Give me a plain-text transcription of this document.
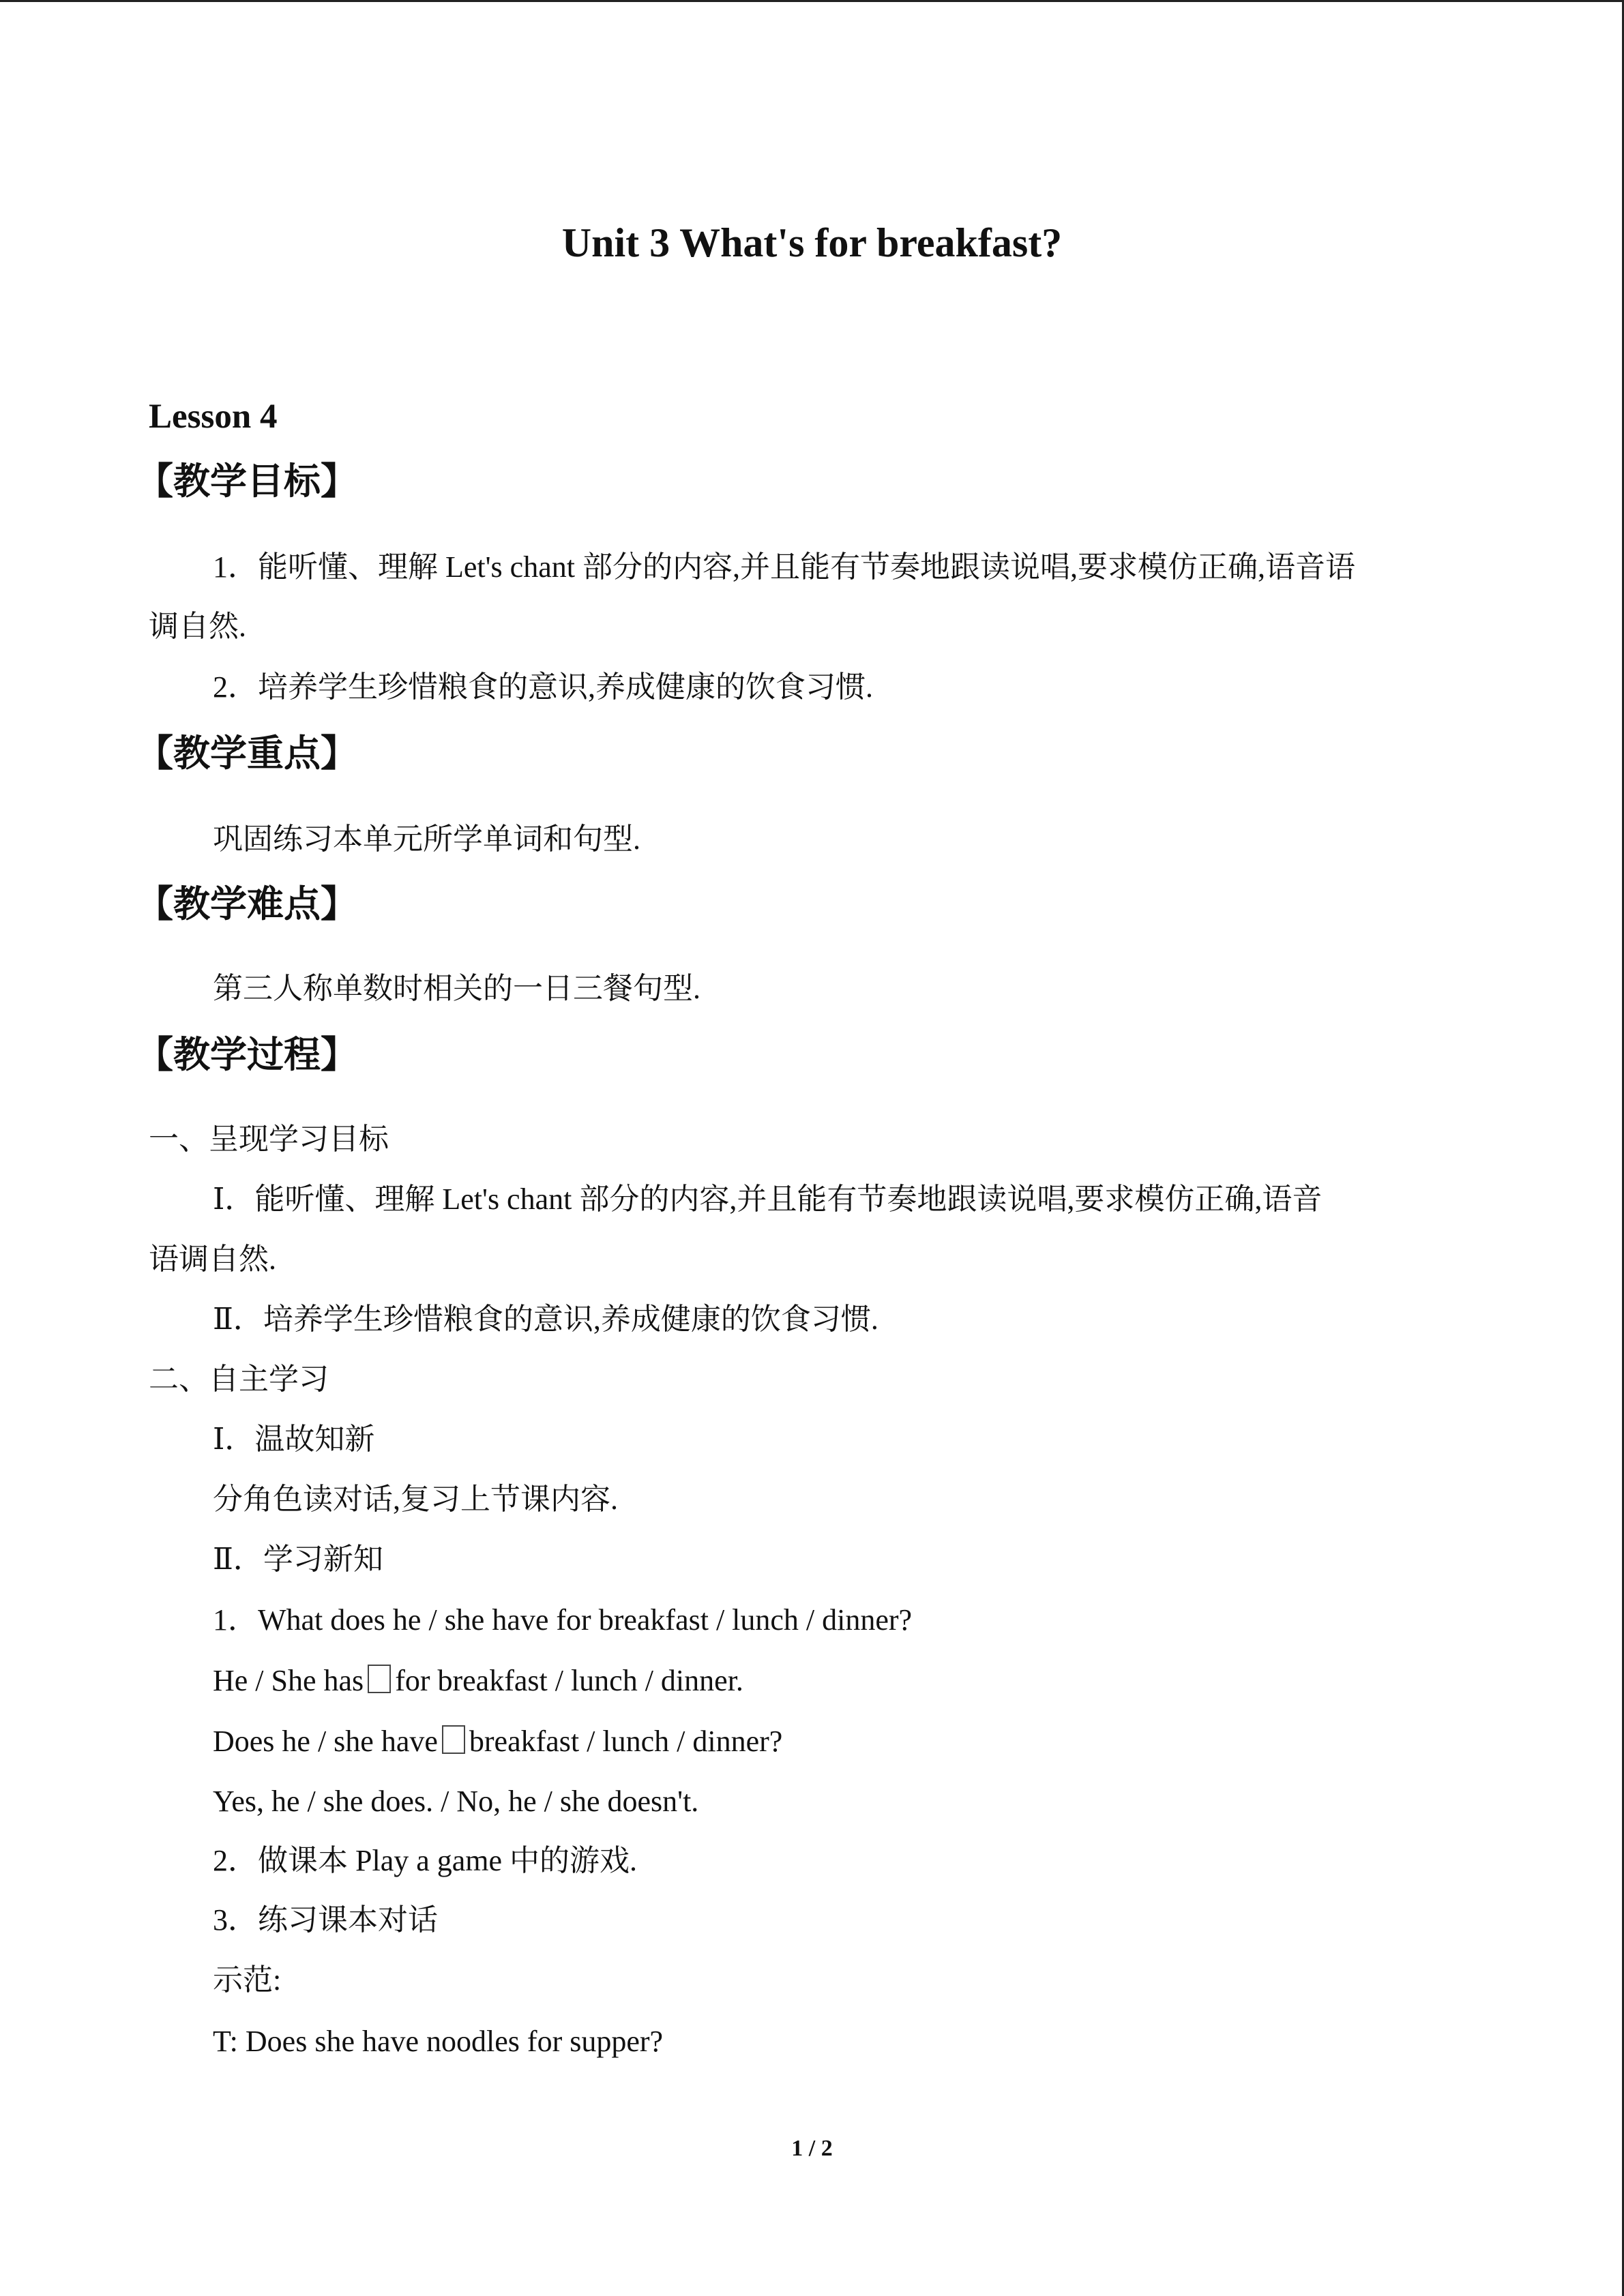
Unit 3 What's for breakfast?

Lesson 4

【教学目标】

1．能听懂、理解 Let's chant 部分的内容,并且能有节奏地跟读说唱,要求模仿正确,语音语

调自然.

2．培养学生珍惜粮食的意识,养成健康的饮食习惯.

【教学重点】

巩固练习本单元所学单词和句型.

【教学难点】

第三人称单数时相关的一日三餐句型.

【教学过程】

一、呈现学习目标

Ⅰ．能听懂、理解 Let's chant 部分的内容,并且能有节奏地跟读说唱,要求模仿正确,语音

语调自然.

Ⅱ．培养学生珍惜粮食的意识,养成健康的饮食习惯.

二、自主学习

Ⅰ．温故知新

分角色读对话,复习上节课内容.

Ⅱ．学习新知

1．What does he / she have for breakfast / lunch / dinner?

He / She has for breakfast / lunch / dinner.

Does he / she have breakfast / lunch / dinner?

Yes, he / she does. / No, he / she doesn't.

2．做课本 Play a game 中的游戏.

3．练习课本对话

示范:

T: Does she have noodles for supper?

1 / 2
